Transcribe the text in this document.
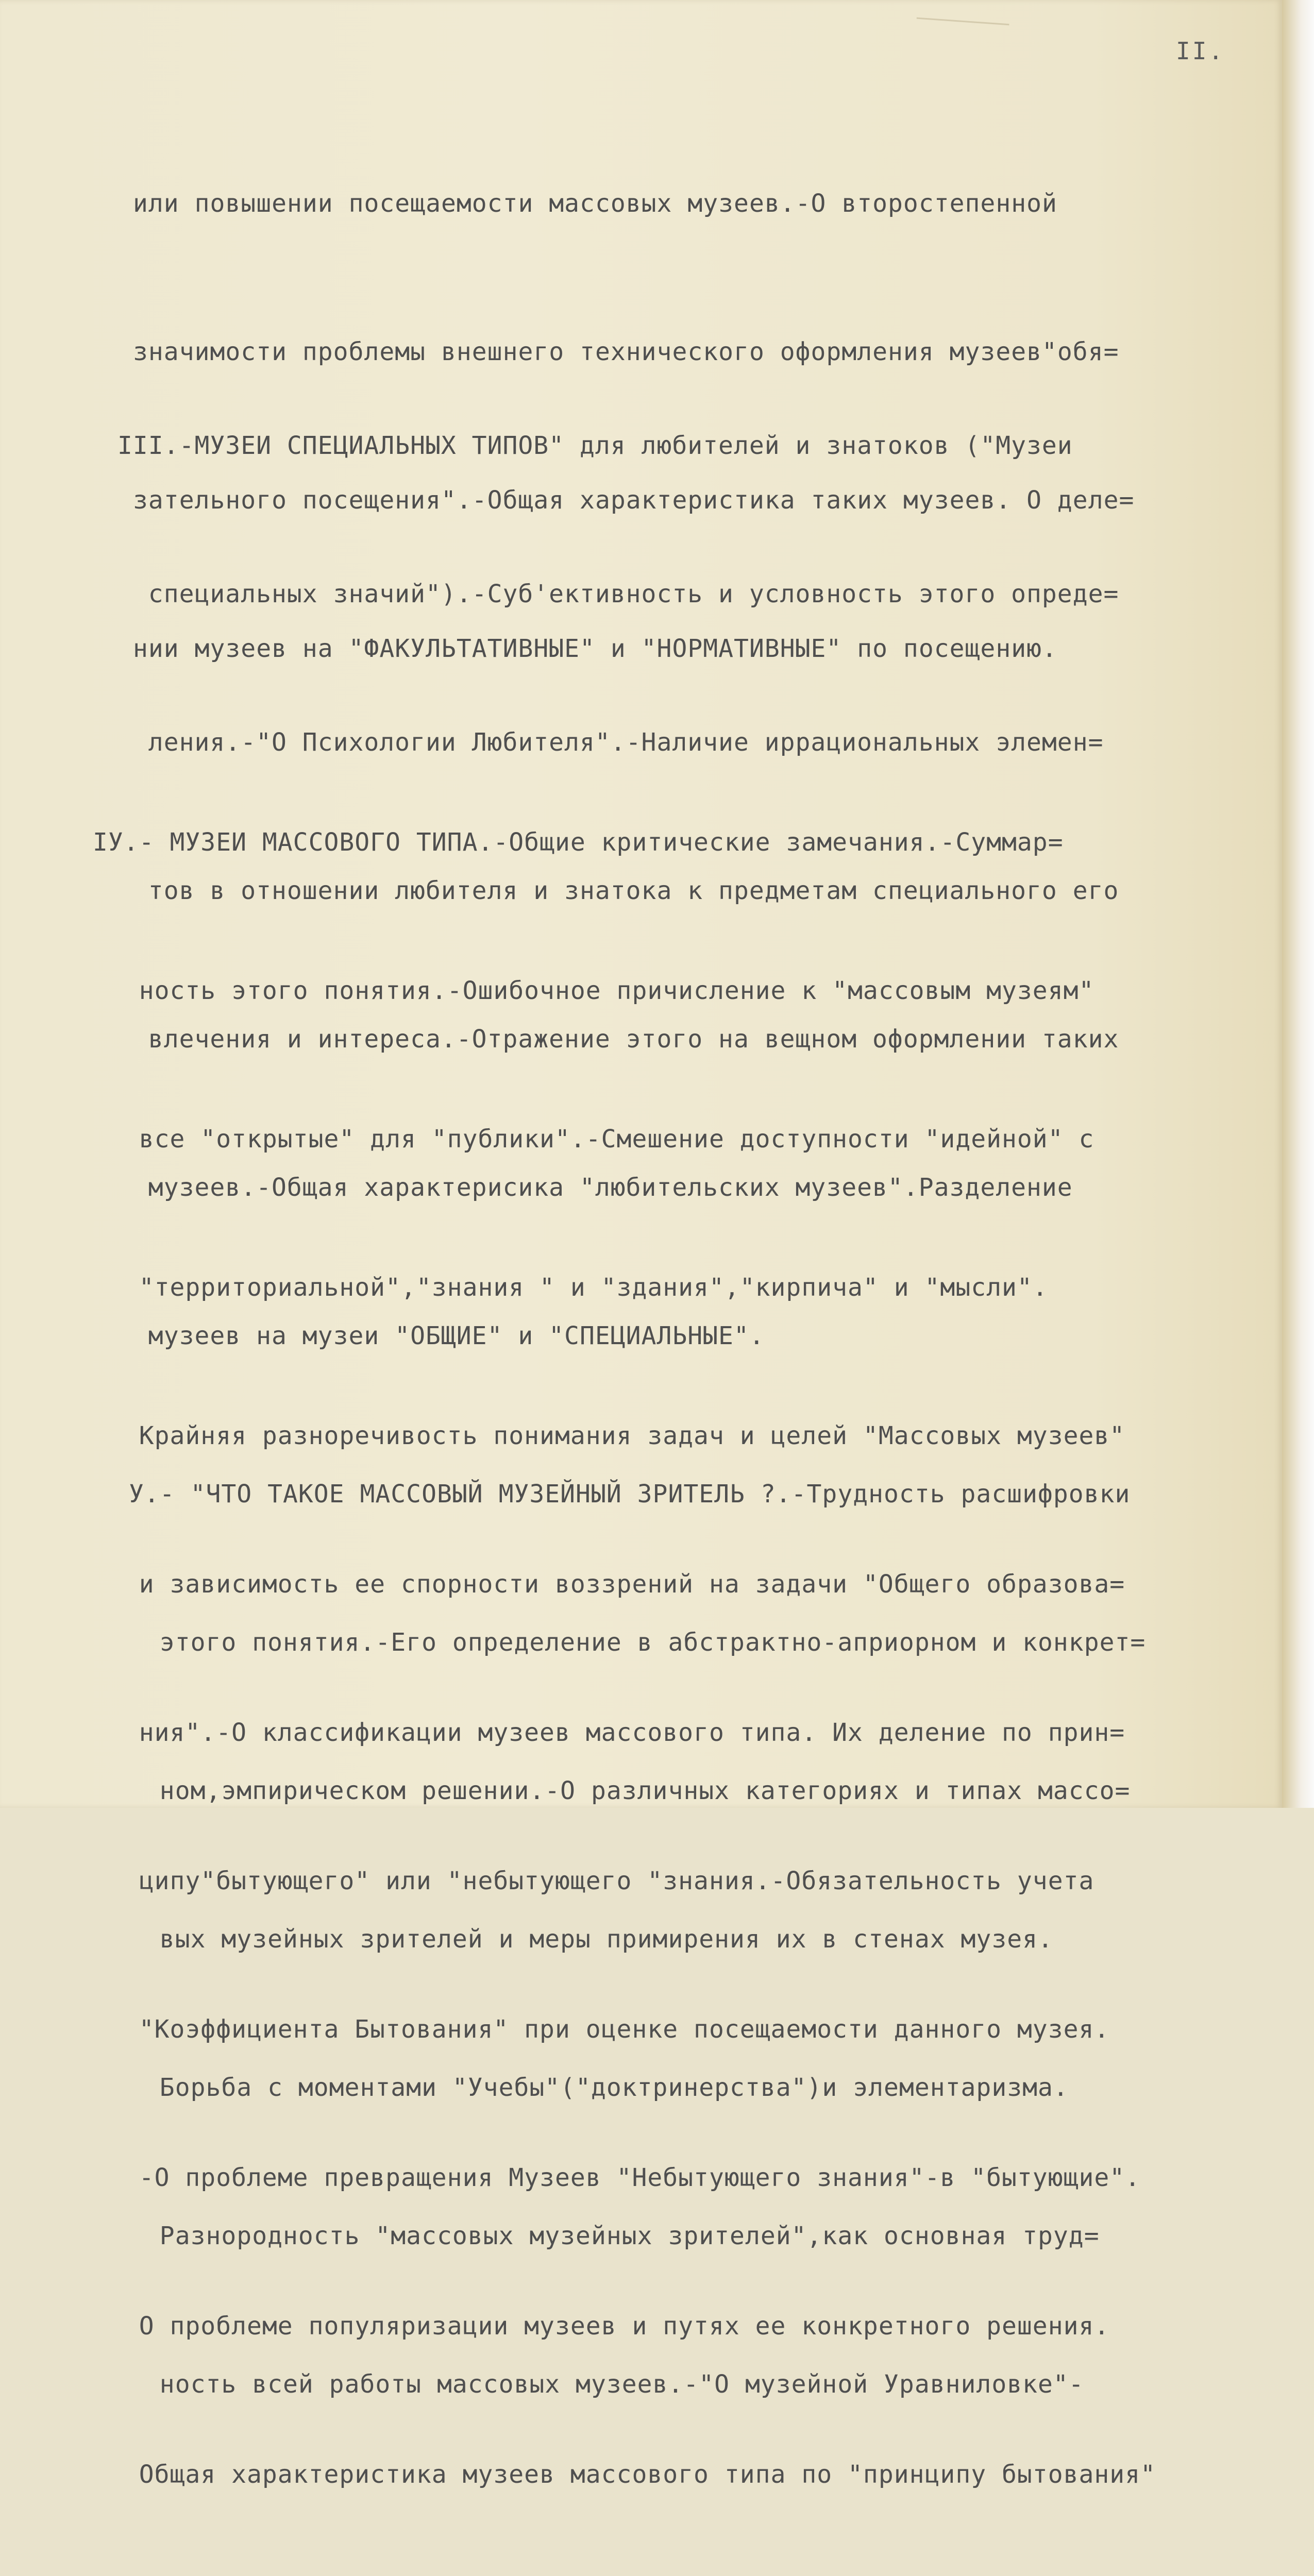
II.

или повышении посещаемости массовых музеев.-О второстепенной

значимости проблемы внешнего технического оформления музеев"обя=

зательного посещения".-Общая характеристика таких музеев. О деле=

нии музеев на "ФАКУЛЬТАТИВНЫЕ" и "НОРМАТИВНЫЕ" по посещению.

III.-МУЗЕИ СПЕЦИАЛЬНЫХ ТИПОВ" для любителей и знатоков ("Музеи

специальных значий").-Суб'ективность и условность этого опреде=

ления.-"О Психологии Любителя".-Наличие иррациональных элемен=

тов в отношении любителя и знатока к предметам специального его

влечения и интереса.-Отражение этого на вещном оформлении таких

музеев.-Общая характерисика "любительских музеев".Разделение

музеев на музеи "ОБЩИЕ" и "СПЕЦИАЛЬНЫЕ".

IУ.- МУЗЕИ МАССОВОГО ТИПА.-Общие критические замечания.-Суммар=

ность этого понятия.-Ошибочное причисление к "массовым музеям"

все "открытые" для "публики".-Смешение доступности "идейной" с

"территориальной","знания " и "здания","кирпича" и "мысли".

Крайняя разноречивость понимания задач и целей "Массовых музеев"

и зависимость ее спорности воззрений на задачи "Общего образова=

ния".-О классификации музеев массового типа. Их деление по прин=

ципу"бытующего" или "небытующего "знания.-Обязательность учета

"Коэффициента Бытования" при оценке посещаемости данного музея.

-О проблеме превращения Музеев "Небытующего знания"-в "бытующие".

О проблеме популяризации музеев и путях ее конкретного решения.

Общая характеристика музеев массового типа по "принципу бытования"

У.- "ЧТО ТАКОЕ МАССОВЫЙ МУЗЕЙНЫЙ ЗРИТЕЛЬ ?.-Трудность расшифровки

этого понятия.-Его определение в абстрактно-априорном и конкрет=

ном,эмпирическом решении.-О различных категориях и типах массо=

вых музейных зрителей и меры примирения их в стенах музея.

Борьба с моментами "Учебы"("доктринерства")и элементаризма.

Разнородность "массовых музейных зрителей",как основная труд=

ность всей работы массовых музеев.-"О музейной Уравниловке"-
